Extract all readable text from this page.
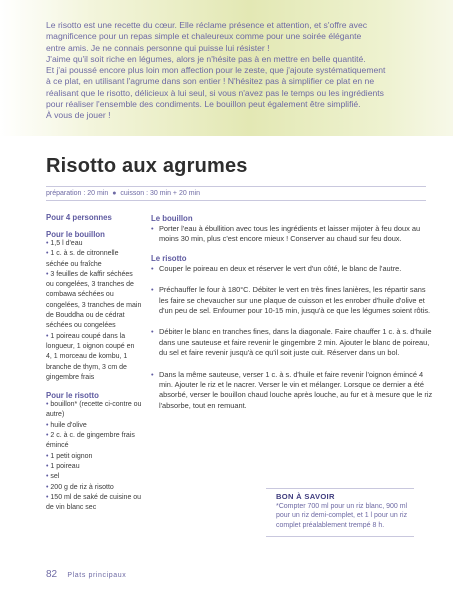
Le risotto est une recette du cœur. Elle réclame présence et attention, et s'offre avec

magnificence pour un repas simple et chaleureux comme pour une soirée élégante

entre amis. Je ne connais personne qui puisse lui résister !

J'aime qu'il soit riche en légumes, alors je n'hésite pas à en mettre en belle quantité.

Et j'ai poussé encore plus loin mon affection pour le zeste, que j'ajoute systématiquement

à ce plat, en utilisant l'agrume dans son entier ! N'hésitez pas à simplifier ce plat en ne

réalisant que le risotto, délicieux à lui seul, si vous n'avez pas le temps ou les ingrédients

pour réaliser l'ensemble des condiments. Le bouillon peut également être simplifié.

À vous de jouer !

Risotto aux agrumes
préparation : 20 min ● cuisson : 30 min + 20 min
Pour 4 personnes
Pour le bouillon
• 1,5 l d'eau
• 1 c. à s. de citronnelle séchée ou fraîche
• 3 feuilles de kaffir séchées ou congelées, 3 tranches de combawa séchées ou congelées, 3 tranches de main de Bouddha ou de cédrat séchées ou congelées
• 1 poireau coupé dans la longueur, 1 oignon coupé en 4, 1 morceau de kombu, 1 branche de thym, 3 cm de gingembre frais
Pour le risotto
• bouillon* (recette ci-contre ou autre)
• huile d'olive
• 2 c. à c. de gingembre frais émincé
• 1 petit oignon
• 1 poireau
• sel
• 200 g de riz à risotto
• 150 ml de saké de cuisine ou de vin blanc sec
Le bouillon
• Porter l'eau à ébullition avec tous les ingrédients et laisser mijoter à feu doux au moins 30 min, plus c'est encore mieux ! Conserver au chaud sur feu doux.
Le risotto
• Couper le poireau en deux et réserver le vert d'un côté, le blanc de l'autre.
• Préchauffer le four à 180°C. Débiter le vert en très fines lanières, les répartir sans les faire se chevaucher sur une plaque de cuisson et les enrober d'huile d'olive et d'un peu de sel. Enfourner pour 10-15 min, jusqu'à ce que les légumes soient rôtis.
• Débiter le blanc en tranches fines, dans la diagonale. Faire chauffer 1 c. à s. d'huile dans une sauteuse et faire revenir le gingembre 2 min. Ajouter le blanc de poireau, du sel et faire revenir jusqu'à ce qu'il soit juste cuit. Réserver dans un bol.
• Dans la même sauteuse, verser 1 c. à s. d'huile et faire revenir l'oignon émincé 4 min. Ajouter le riz et le nacrer. Verser le vin et mélanger. Lorsque ce dernier a été absorbé, verser le bouillon chaud louche après louche, au fur et à mesure que le riz l'absorbe, tout en remuant.
BON À SAVOIR
*Compter 700 ml pour un riz blanc, 900 ml pour un riz demi-complet, et 1 l pour un riz complet préalablement trempé 8 h.
82 Plats principaux
